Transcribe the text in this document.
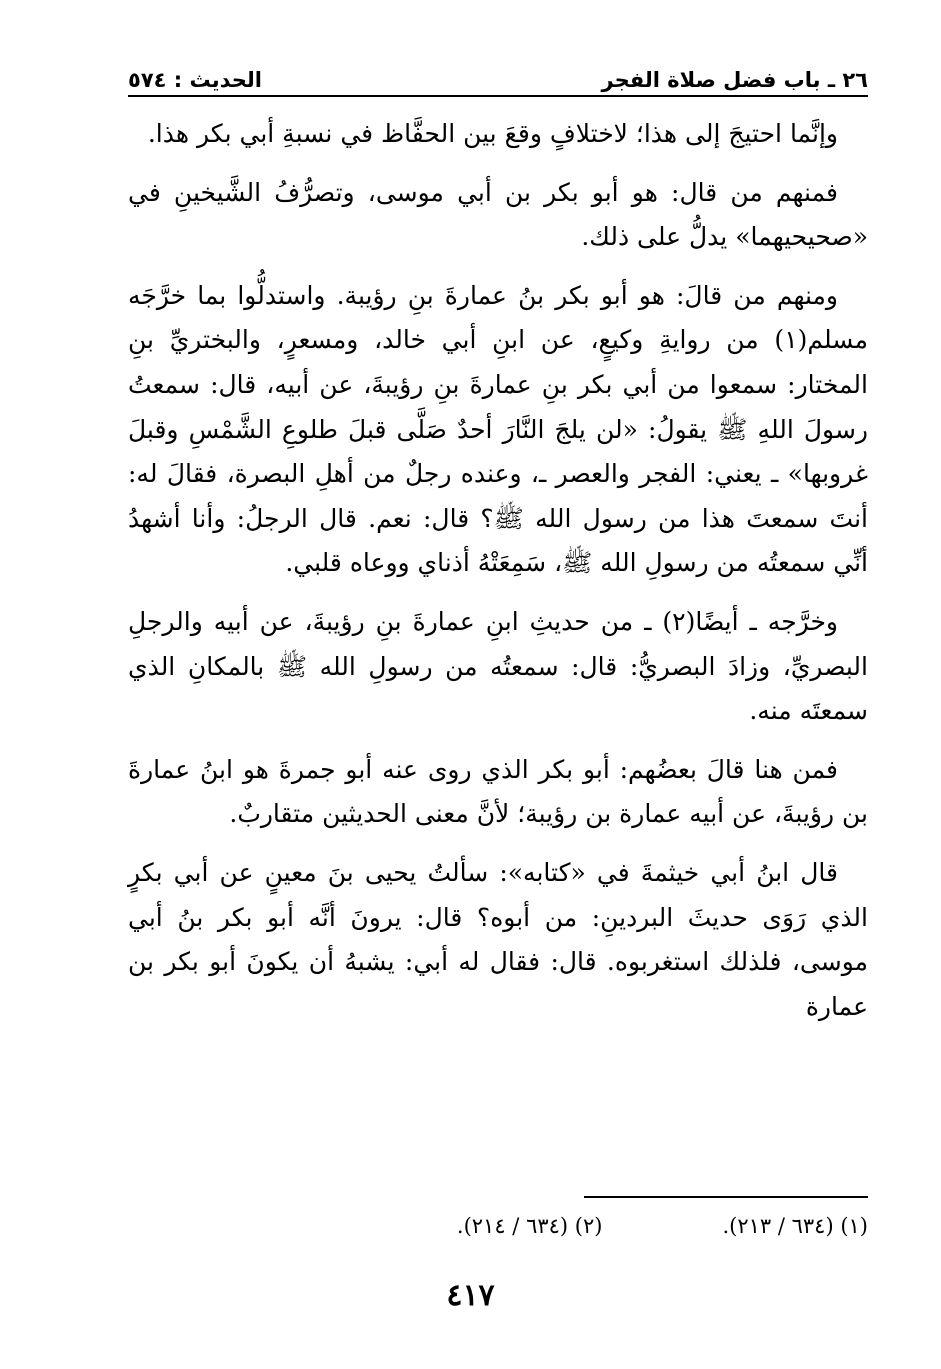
٢٦ ـ باب فضل صلاة الفجر
الحديث : ٥٧٤

وإنَّما احتيجَ إلى هذا؛ لاختلافٍ وقعَ بين الحفَّاظ في نسبةِ أبي بكر هذا.

فمنهم من قال: هو أبو بكر بن أبي موسى، وتصرُّفُ الشَّيخينِ في «صحيحيهما» يدلُّ على ذلك.

ومنهم من قالَ: هو أبو بكر بنُ عمارةَ بنِ رؤيبة. واستدلُّوا بما خرَّجَه مسلم(١) من روايةِ وكيعٍ، عن ابنِ أبي خالد، ومسعرٍ، والبختريِّ بنِ المختار: سمعوا من أبي بكر بنِ عمارةَ بنِ رؤيبةَ، عن أبيه، قال: سمعتُ رسولَ اللهِ ﷺ يقولُ: «لن يلجَ النَّارَ أحدٌ صَلَّى قبلَ طلوعِ الشَّمْسِ وقبلَ غروبها» ـ يعني: الفجر والعصر ـ، وعنده رجلٌ من أهلِ البصرة، فقالَ له: أنتَ سمعتَ هذا من رسول الله ﷺ؟ قال: نعم. قال الرجلُ: وأنا أشهدُ أنِّي سمعتُه من رسولِ الله ﷺ، سَمِعَتْهُ أذناي ووعاه قلبي.

وخرَّجه ـ أيضًا(٢) ـ من حديثِ ابنِ عمارةَ بنِ رؤيبةَ، عن أبيه والرجلِ البصريِّ، وزادَ البصريُّ: قال: سمعتُه من رسولِ الله ﷺ بالمكانِ الذي سمعتَه منه.

فمن هنا قالَ بعضُهم: أبو بكر الذي روى عنه أبو جمرةَ هو ابنُ عمارةَ بن رؤيبةَ، عن أبيه عمارة بن رؤيبة؛ لأنَّ معنى الحديثين متقاربٌ.

قال ابنُ أبي خيثمةَ في «كتابه»: سألتُ يحيى بنَ معينٍ عن أبي بكرٍ الذي رَوَى حديثَ البردينِ: من أبوه؟ قال: يرونَ أنَّه أبو بكر بنُ أبي موسى، فلذلك استغربوه. قال: فقال له أبي: يشبهُ أن يكونَ أبو بكر بن عمارة

(١) (٦٣٤ / ٢١٣).
(٢) (٦٣٤ / ٢١٤).
٤١٧
